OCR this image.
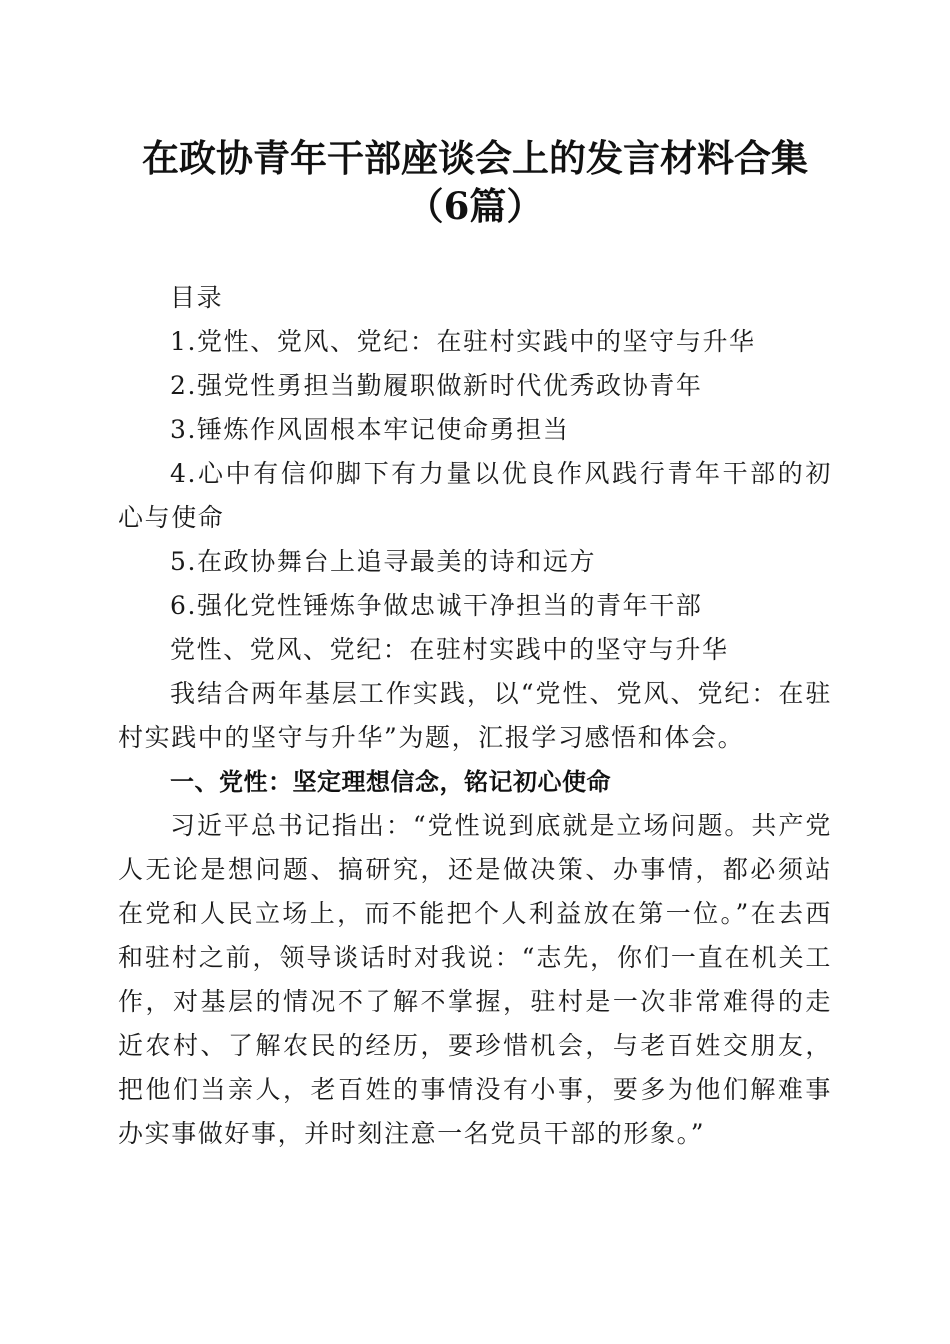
在政协青年干部座谈会上的发言材料合集（6篇）

目录

1.党性、党风、党纪：在驻村实践中的坚守与升华

2.强党性勇担当勤履职做新时代优秀政协青年

3.锤炼作风固根本牢记使命勇担当

4.心中有信仰脚下有力量以优良作风践行青年干部的初心与使命

5.在政协舞台上追寻最美的诗和远方

6.强化党性锤炼争做忠诚干净担当的青年干部

党性、党风、党纪：在驻村实践中的坚守与升华

我结合两年基层工作实践，以“党性、党风、党纪：在驻村实践中的坚守与升华”为题，汇报学习感悟和体会。

一、党性：坚定理想信念，铭记初心使命

习近平总书记指出：“党性说到底就是立场问题。共产党人无论是想问题、搞研究，还是做决策、办事情，都必须站在党和人民立场上，而不能把个人利益放在第一位。”在去西和驻村之前，领导谈话时对我说：“志先，你们一直在机关工作，对基层的情况不了解不掌握，驻村是一次非常难得的走近农村、了解农民的经历，要珍惜机会，与老百姓交朋友，把他们当亲人，老百姓的事情没有小事，要多为他们解难事办实事做好事，并时刻注意一名党员干部的形象。”
